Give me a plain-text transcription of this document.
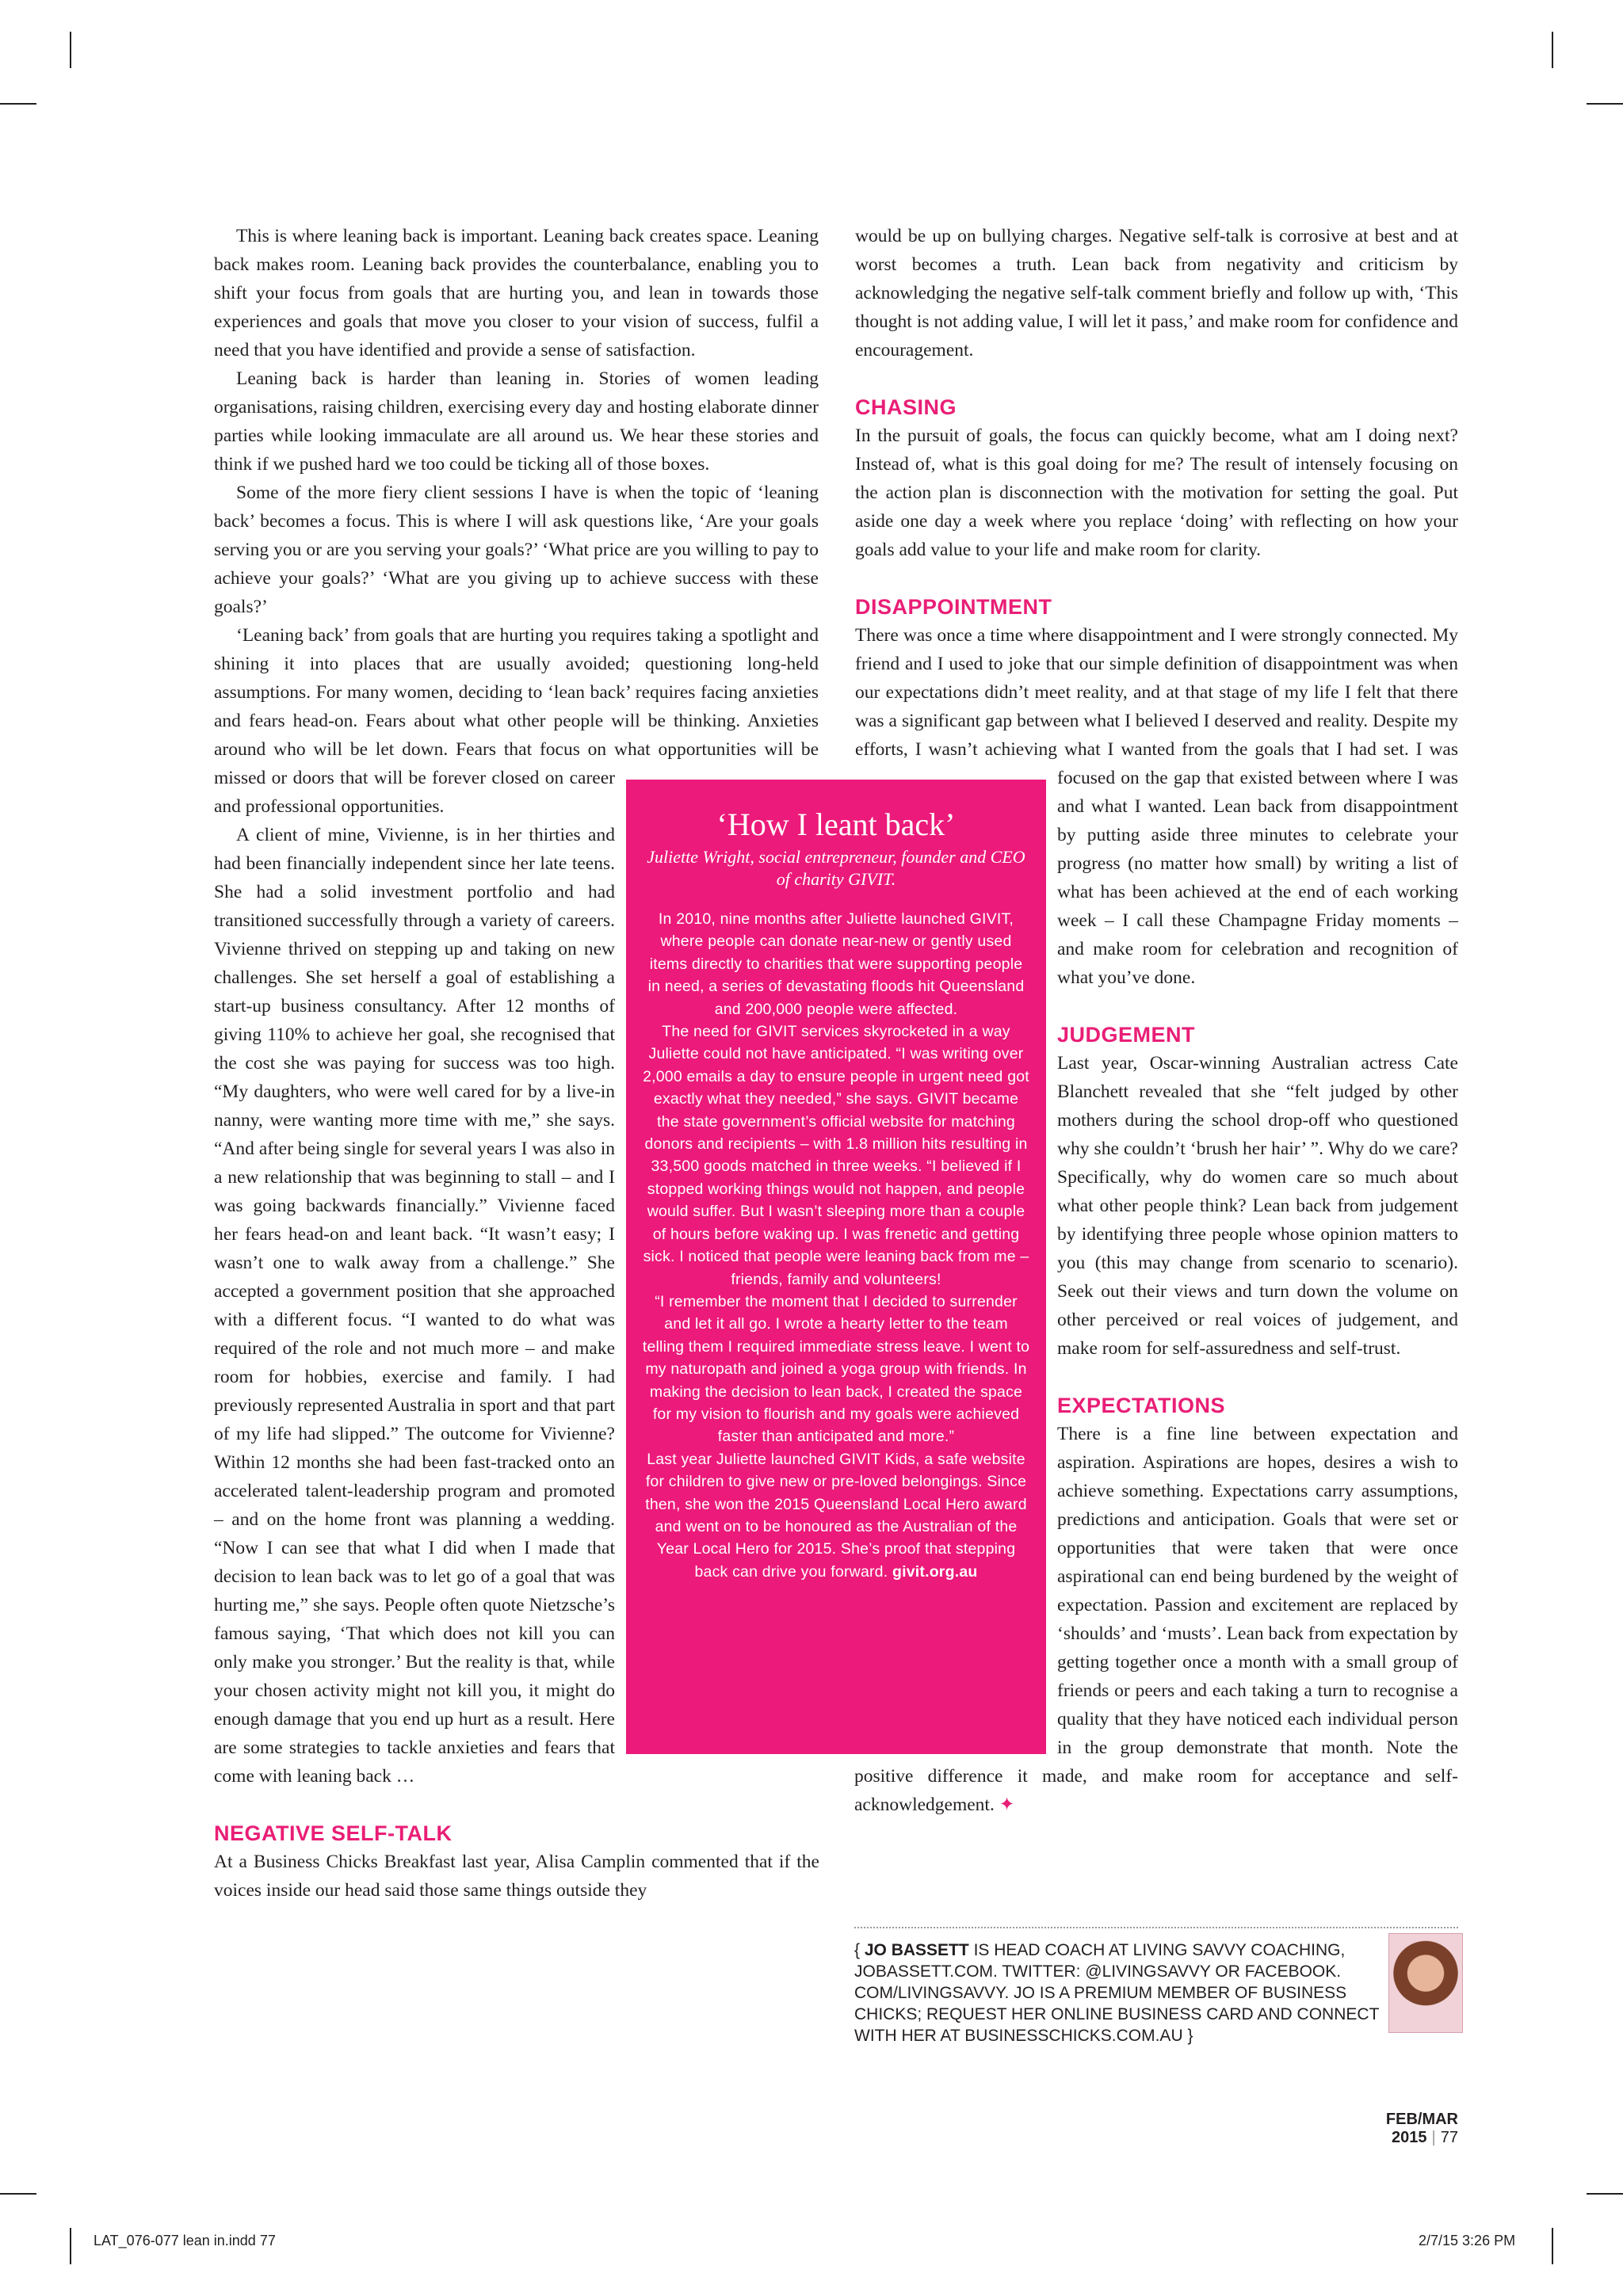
This is where leaning back is important. Leaning back creates space. Leaning back makes room. Leaning back provides the counterbalance, enabling you to shift your focus from goals that are hurting you, and lean in towards those experiences and goals that move you closer to your vision of success, fulfil a need that you have identified and provide a sense of satisfaction.

Leaning back is harder than leaning in. Stories of women leading organisations, raising children, exercising every day and hosting elaborate dinner parties while looking immaculate are all around us. We hear these stories and think if we pushed hard we too could be ticking all of those boxes.

Some of the more fiery client sessions I have is when the topic of ‘leaning back’ becomes a focus. This is where I will ask questions like, ‘Are your goals serving you or are you serving your goals?’ ‘What price are you willing to pay to achieve your goals?’ ‘What are you giving up to achieve success with these goals?’

‘Leaning back’ from goals that are hurting you requires taking a spotlight and shining it into places that are usually avoided; questioning long-held assumptions. For many women, deciding to ‘lean back’ requires facing anxieties and fears head-on. Fears about what other people will be thinking. Anxieties around who will be let down. Fears that focus on what opportunities will be missed or doors that will be forever closed on career and professional opportunities.

A client of mine, Vivienne, is in her thirties and had been financially independent since her late teens. She had a solid investment portfolio and had transitioned successfully through a variety of careers. Vivienne thrived on stepping up and taking on new challenges. She set herself a goal of establishing a start-up business consultancy. After 12 months of giving 110% to achieve her goal, she recognised that the cost she was paying for success was too high. “My daughters, who were well cared for by a live-in nanny, were wanting more time with me,” she says. “And after being single for several years I was also in a new relationship that was beginning to stall – and I was going backwards financially.” Vivienne faced her fears head-on and leant back. “It wasn’t easy; I wasn’t one to walk away from a challenge.” She accepted a government position that she approached with a different focus. “I wanted to do what was required of the role and not much more – and make room for hobbies, exercise and family. I had previously represented Australia in sport and that part of my life had slipped.” The outcome for Vivienne? Within 12 months she had been fast-tracked onto an accelerated talent-leadership program and promoted – and on the home front was planning a wedding. “Now I can see that what I did when I made that decision to lean back was to let go of a goal that was hurting me,” she says. People often quote Nietzsche’s famous saying, ‘That which does not kill you can only make you stronger.’ But the reality is that, while your chosen activity might not kill you, it might do enough damage that you end up hurt as a result. Here are some strategies to tackle anxieties and fears that come with leaning back …

NEGATIVE SELF-TALK

At a Business Chicks Breakfast last year, Alisa Camplin commented that if the voices inside our head said those same things outside they

would be up on bullying charges. Negative self-talk is corrosive at best and at worst becomes a truth. Lean back from negativity and criticism by acknowledging the negative self-talk comment briefly and follow up with, ‘This thought is not adding value, I will let it pass,’ and make room for confidence and encouragement.

CHASING

In the pursuit of goals, the focus can quickly become, what am I doing next? Instead of, what is this goal doing for me? The result of intensely focusing on the action plan is disconnection with the motivation for setting the goal. Put aside one day a week where you replace ‘doing’ with reflecting on how your goals add value to your life and make room for clarity.

DISAPPOINTMENT

There was once a time where disappointment and I were strongly connected. My friend and I used to joke that our simple definition of disappointment was when our expectations didn’t meet reality, and at that stage of my life I felt that there was a significant gap between what I believed I deserved and reality. Despite my efforts, I wasn’t achieving what I wanted from the goals that I had set. I was focused on the gap that existed between where I was and what I wanted. Lean back from disappointment by putting aside three minutes to celebrate your progress (no matter how small) by writing a list of what has been achieved at the end of each working week – I call these Champagne Friday moments – and make room for celebration and recognition of what you’ve done.

JUDGEMENT

Last year, Oscar-winning Australian actress Cate Blanchett revealed that she “felt judged by other mothers during the school drop-off who questioned why she couldn’t ‘brush her hair’ ”. Why do we care? Specifically, why do women care so much about what other people think? Lean back from judgement by identifying three people whose opinion matters to you (this may change from scenario to scenario). Seek out their views and turn down the volume on other perceived or real voices of judgement, and make room for self-assuredness and self-trust.

EXPECTATIONS

There is a fine line between expectation and aspiration. Aspirations are hopes, desires a wish to achieve something. Expectations carry assumptions, predictions and anticipation. Goals that were set or opportunities that were taken that were once aspirational can end being burdened by the weight of expectation. Passion and excitement are replaced by ‘shoulds’ and ‘musts’. Lean back from expectation by getting together once a month with a small group of friends or peers and each taking a turn to recognise a quality that they have noticed each individual person in the group demonstrate that month. Note the positive difference it made, and make room for acceptance and self-acknowledgement. ✦

‘How I leant back’
Juliette Wright, social entrepreneur, founder and CEO of charity GIVIT.

In 2010, nine months after Juliette launched GIVIT, where people can donate near-new or gently used items directly to charities that were supporting people in need, a series of devastating floods hit Queensland and 200,000 people were affected.

The need for GIVIT services skyrocketed in a way Juliette could not have anticipated. “I was writing over 2,000 emails a day to ensure people in urgent need got exactly what they needed,” she says. GIVIT became the state government’s official website for matching donors and recipients – with 1.8 million hits resulting in 33,500 goods matched in three weeks. “I believed if I stopped working things would not happen, and people would suffer. But I wasn’t sleeping more than a couple of hours before waking up. I was frenetic and getting sick. I noticed that people were leaning back from me – friends, family and volunteers!

“I remember the moment that I decided to surrender and let it all go. I wrote a hearty letter to the team telling them I required immediate stress leave. I went to my naturopath and joined a yoga group with friends. In making the decision to lean back, I created the space for my vision to flourish and my goals were achieved faster than anticipated and more.”

Last year Juliette launched GIVIT Kids, a safe website for children to give new or pre-loved belongings. Since then, she won the 2015 Queensland Local Hero award and went on to be honoured as the Australian of the Year Local Hero for 2015. She’s proof that stepping back can drive you forward. givit.org.au

{ JO BASSETT IS HEAD COACH AT LIVING SAVVY COACHING, JOBASSETT.COM. TWITTER: @LIVINGSAVVY OR FACEBOOK. COM/LIVINGSAVVY. JO IS A PREMIUM MEMBER OF BUSINESS CHICKS; REQUEST HER ONLINE BUSINESS CARD AND CONNECT WITH HER AT BUSINESSCHICKS.COM.AU }
FEB/MAR 2015 | 77
LAT_076-077 lean in.indd 77	2/7/15 3:26 PM
